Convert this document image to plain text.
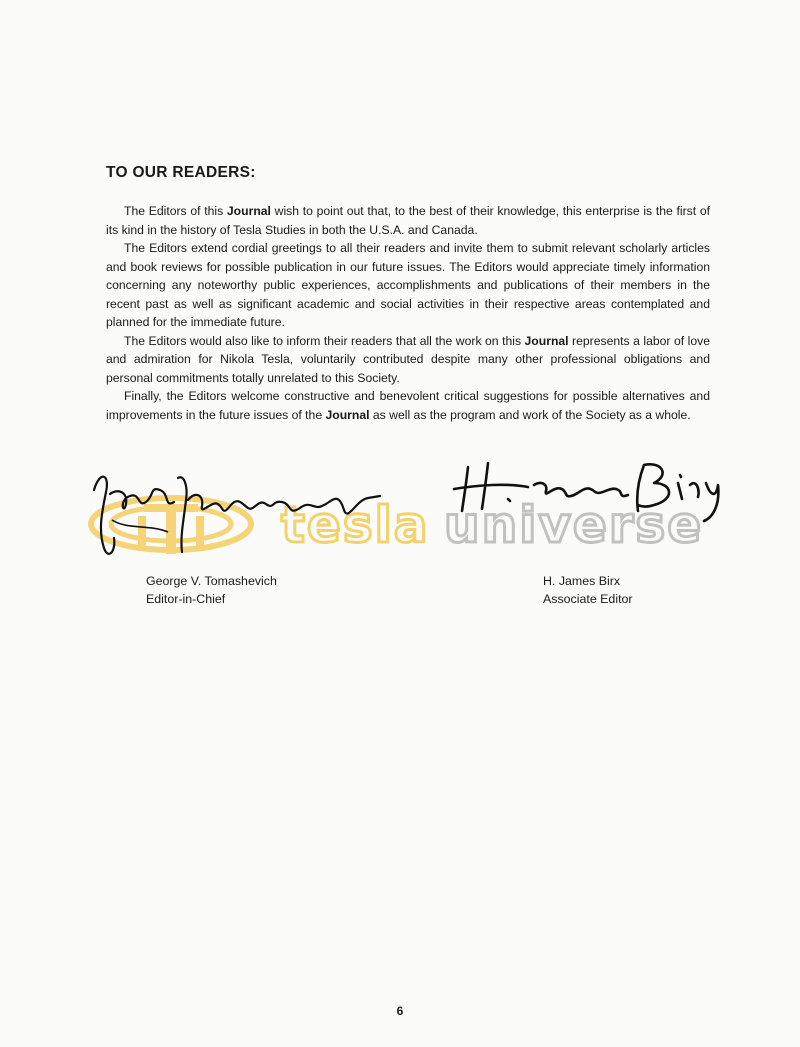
TO OUR READERS:

The Editors of this Journal wish to point out that, to the best of their knowledge, this enterprise is the first of its kind in the history of Tesla Studies in both the U.S.A. and Canada.

The Editors extend cordial greetings to all their readers and invite them to submit relevant scholarly articles and book reviews for possible publication in our future issues. The Editors would appreciate timely information concerning any noteworthy public experiences, accomplishments and publications of their members in the recent past as well as significant academic and social activities in their respective areas contemplated and planned for the immediate future.

The Editors would also like to inform their readers that all the work on this Journal represents a labor of love and admiration for Nikola Tesla, voluntarily contributed despite many other professional obligations and personal commitments totally unrelated to this Society.

Finally, the Editors welcome constructive and benevolent critical suggestions for possible alternatives and improvements in the future issues of the Journal as well as the program and work of the Society as a whole.

tesla universe
George V. Tomashevich
Editor-in-Chief
H. James Birx
Associate Editor
6
